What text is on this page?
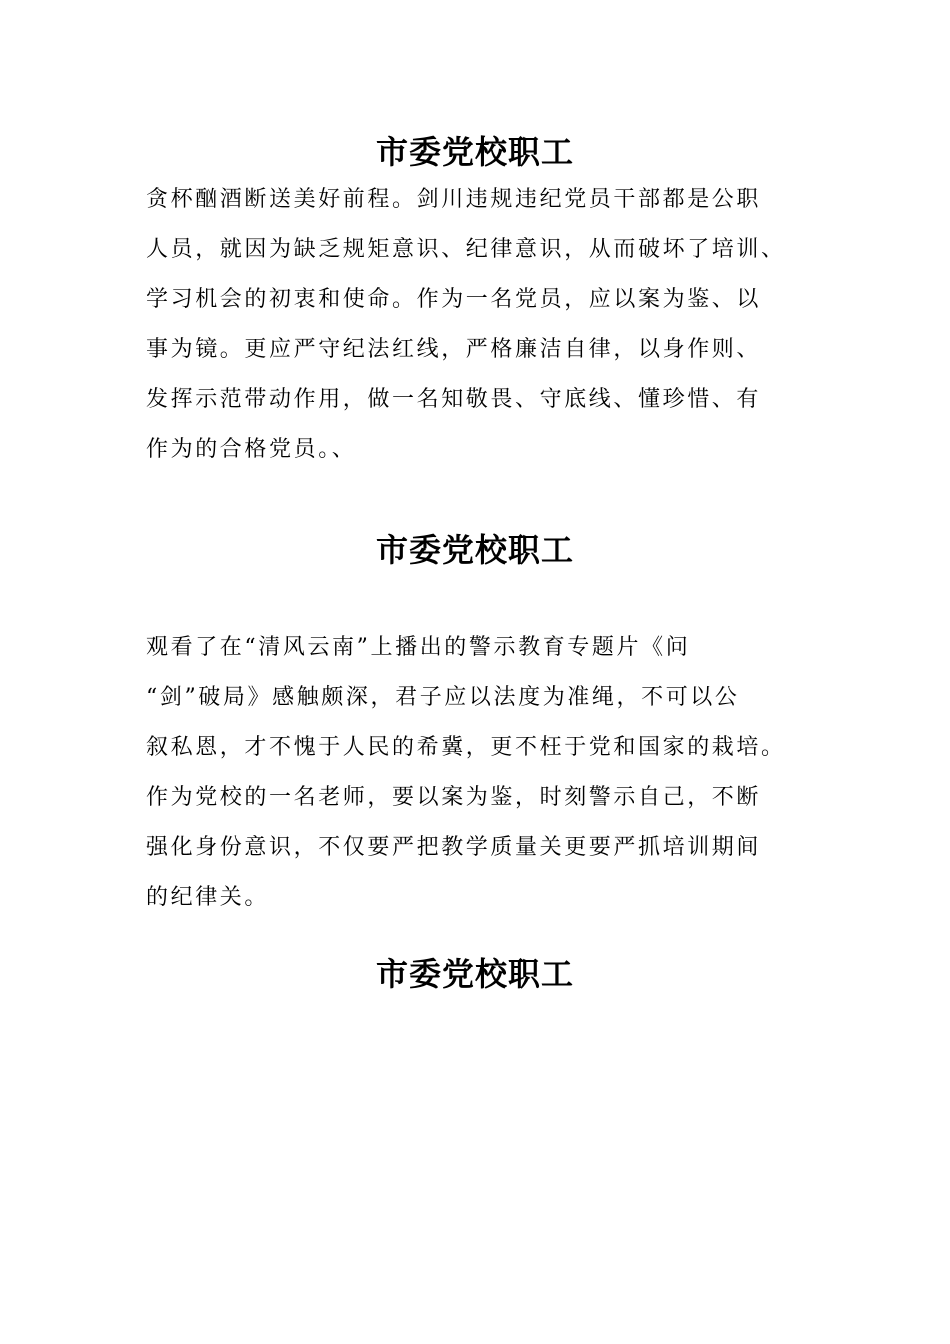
市委党校职工
贪杯酗酒断送美好前程。剑川违规违纪党员干部都是公职
人员，就因为缺乏规矩意识、纪律意识，从而破坏了培训、
学习机会的初衷和使命。作为一名党员，应以案为鉴、以
事为镜。更应严守纪法红线，严格廉洁自律，以身作则、
发挥示范带动作用，做一名知敬畏、守底线、懂珍惜、有
作为的合格党员。、
市委党校职工
观看了在“清风云南”上播出的警示教育专题片《问
“剑”破局》感触颇深，君子应以法度为准绳，不可以公
叙私恩，才不愧于人民的希冀，更不枉于党和国家的栽培。
作为党校的一名老师，要以案为鉴，时刻警示自己，不断
强化身份意识，不仅要严把教学质量关更要严抓培训期间
的纪律关。
市委党校职工
